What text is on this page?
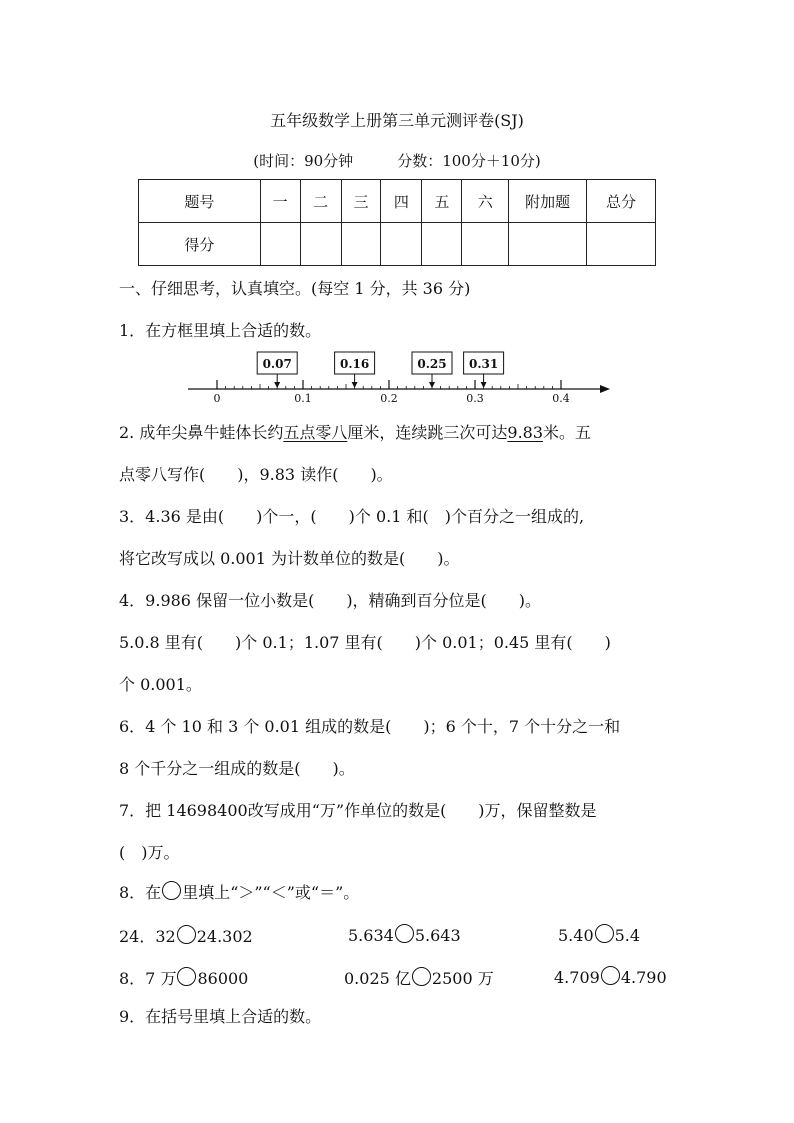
五年级数学上册第三单元测评卷(SJ)
(时间：90分钟	分数：100分＋10分)
题号	一	二	三	四	五	六	附加题	总分
得分								
一、仔细思考，认真填空。(每空 1 分，共 36 分)
1．在方框里填上合适的数。
0	0.1	0.2	0.3	0.4
0.07	0.16	0.25 0.31
2. 成年尖鼻牛蛙体长约五点零八厘米，连续跳三次可达9.83米。五
点零八写作(　　)，9.83 读作(　　)。
3．4.36 是由(　　)个一，(　　)个 0.1 和(　)个百分之一组成的,
将它改写成以 0.001 为计数单位的数是(　　)。
4．9.986 保留一位小数是(　　)，精确到百分位是(　　)。
5.0.8 里有(　　)个 0.1；1.07 里有(　　)个 0.01；0.45 里有(　　)
个 0.001。
6．4 个 10 和 3 个 0.01 组成的数是(　　)；6 个十，7 个十分之一和
8 个千分之一组成的数是(　　)。
7．把 14698400改写成用“万”作单位的数是(　　)万，保留整数是
(　)万。
8．在 里填上“＞”“＜”或“＝”。
24．32 24.302	5.634 5.643	5.40 5.4
8．7 万 86000	0.025 亿 2500 万	4.709 4.790
9．在括号里填上合适的数。
